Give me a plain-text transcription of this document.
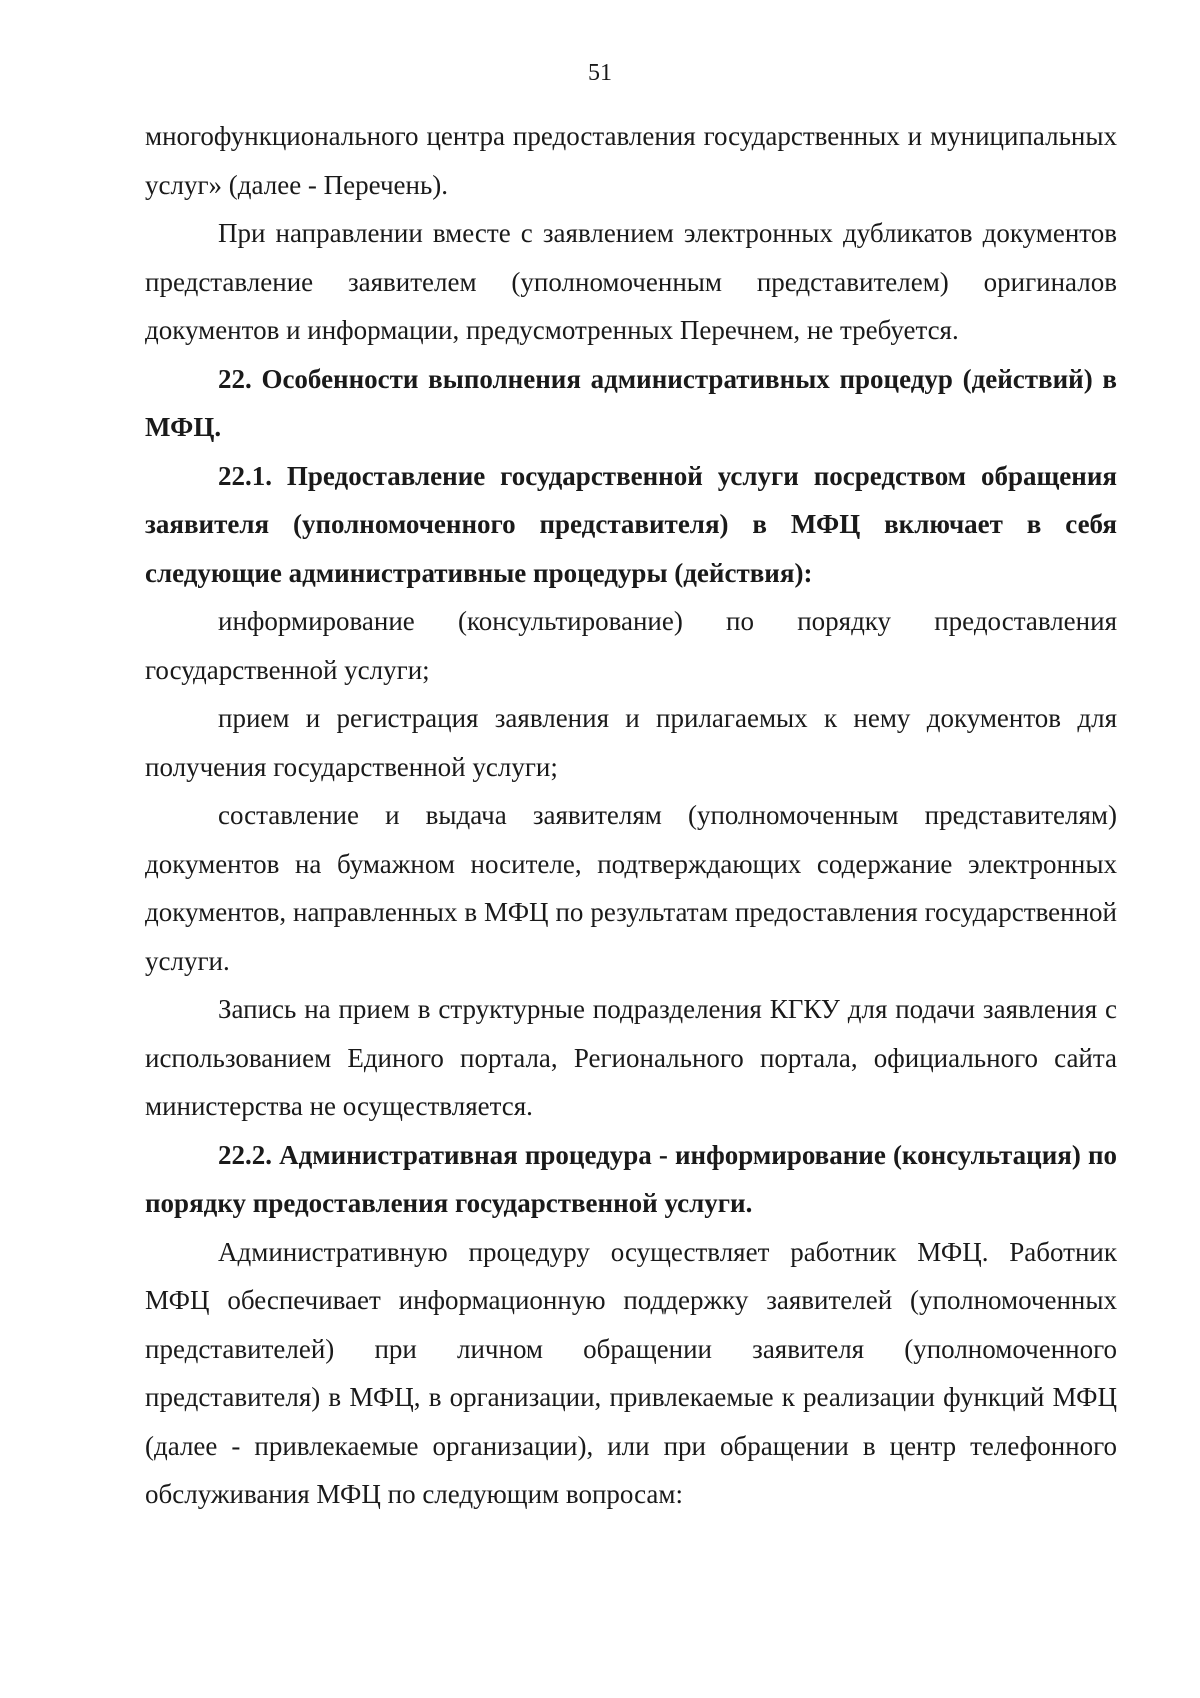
51

многофункционального центра предоставления государственных и муниципальных услуг» (далее - Перечень).

При направлении вместе с заявлением электронных дубликатов документов представление заявителем (уполномоченным представителем) оригиналов документов и информации, предусмотренных Перечнем, не требуется.

22. Особенности выполнения административных процедур (действий) в МФЦ.

22.1. Предоставление государственной услуги посредством обращения заявителя (уполномоченного представителя) в МФЦ включает в себя следующие административные процедуры (действия):

информирование (консультирование) по порядку предоставления государственной услуги;

прием и регистрация заявления и прилагаемых к нему документов для получения государственной услуги;

составление и выдача заявителям (уполномоченным представителям) документов на бумажном носителе, подтверждающих содержание электронных документов, направленных в МФЦ по результатам предоставления государственной услуги.

Запись на прием в структурные подразделения КГКУ для подачи заявления с использованием Единого портала, Регионального портала, официального сайта министерства не осуществляется.

22.2. Административная процедура - информирование (консультация) по порядку предоставления государственной услуги.

Административную процедуру осуществляет работник МФЦ. Работник МФЦ обеспечивает информационную поддержку заявителей (уполномоченных представителей) при личном обращении заявителя (уполномоченного представителя) в МФЦ, в организации, привлекаемые к реализации функций МФЦ (далее - привлекаемые организации), или при обращении в центр телефонного обслуживания МФЦ по следующим вопросам:
